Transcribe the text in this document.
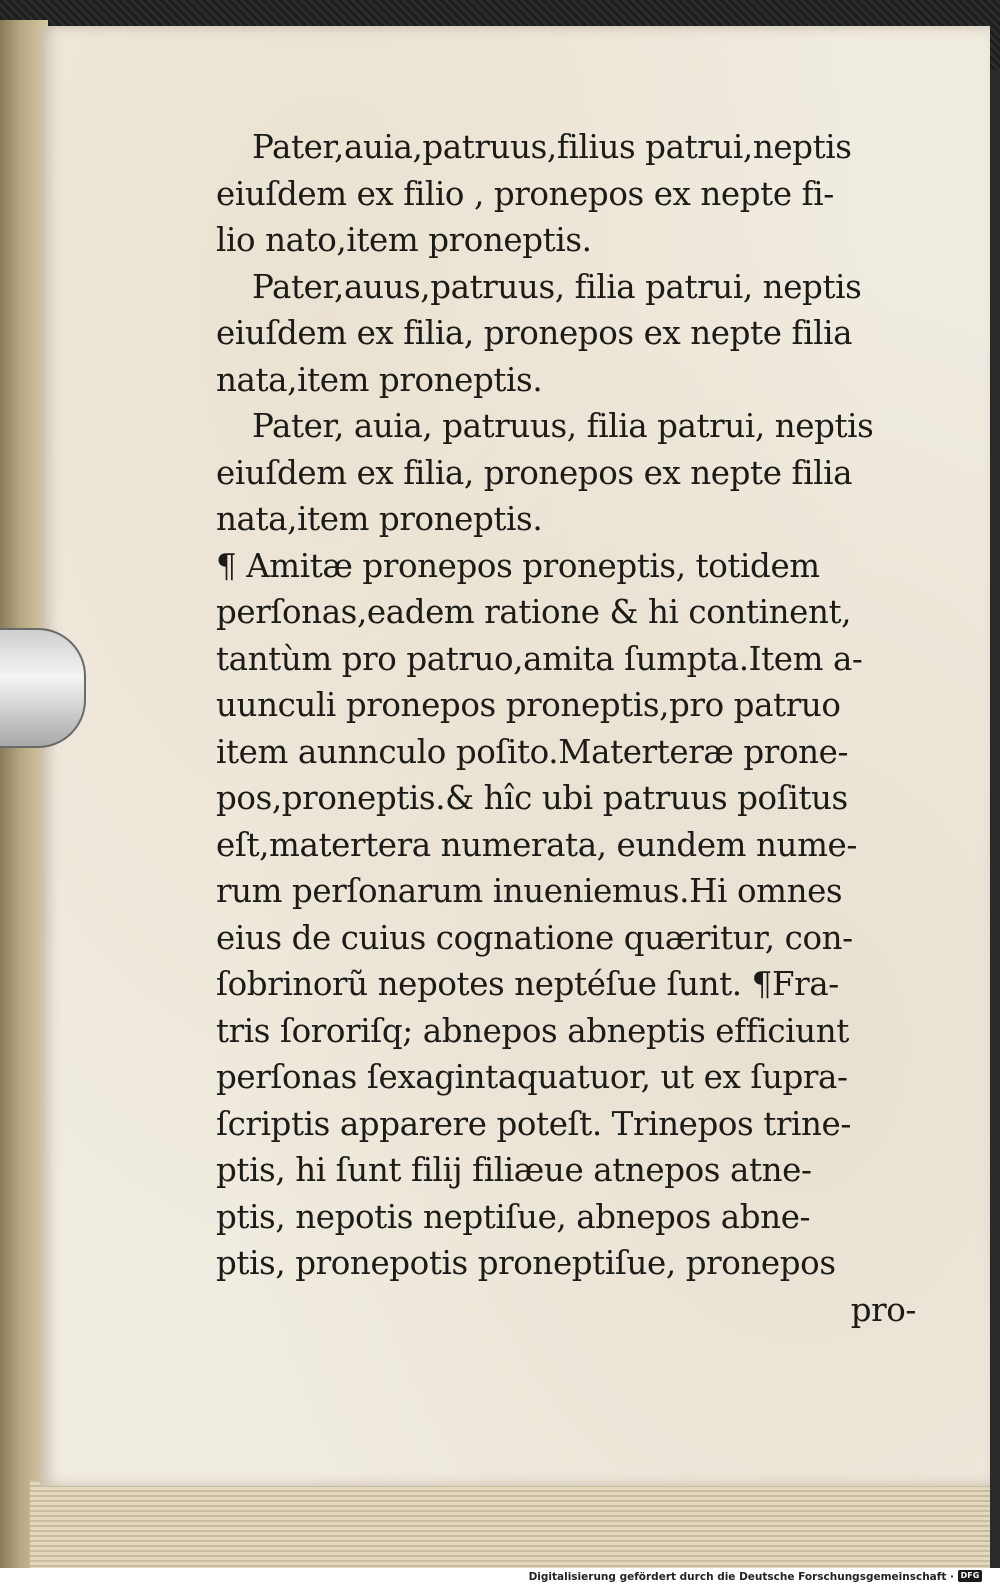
Pater,auia,patruus,filius patrui,neptis
eiuſdem ex filio , pronepos ex nepte fi-
lio nato,item proneptis.
Pater,auus,patruus, filia patrui, neptis
eiuſdem ex filia, pronepos ex nepte filia
nata,item proneptis.
Pater, auia, patruus, filia patrui, neptis
eiuſdem ex filia, pronepos ex nepte filia
nata,item proneptis.
¶ Amitæ pronepos proneptis, totidem
perſonas,eadem ratione & hi continent,
tantùm pro patruo,amita ſumpta.Item a-
uunculi pronepos proneptis,pro patruo
item aunnculo poſito.Materteræ prone-
pos,proneptis.& hîc ubi patruus poſitus
eſt,matertera numerata, eundem nume-
rum perſonarum inueniemus.Hi omnes
eius de cuius cognatione quæritur, con-
ſobrinorũ nepotes neptéſue ſunt. ¶Fra-
tris ſororiſq; abnepos abneptis efficiunt
perſonas ſexagintaquatuor, ut ex ſupra-
ſcriptis apparere poteſt. Trinepos trine-
ptis, hi ſunt filij filiæue atnepos atne-
ptis, nepotis neptiſue, abnepos abne-
ptis, pronepotis proneptiſue, pronepos
pro-
Digitalisierung gefördert durch die Deutsche Forschungsgemeinschaft · DFG
